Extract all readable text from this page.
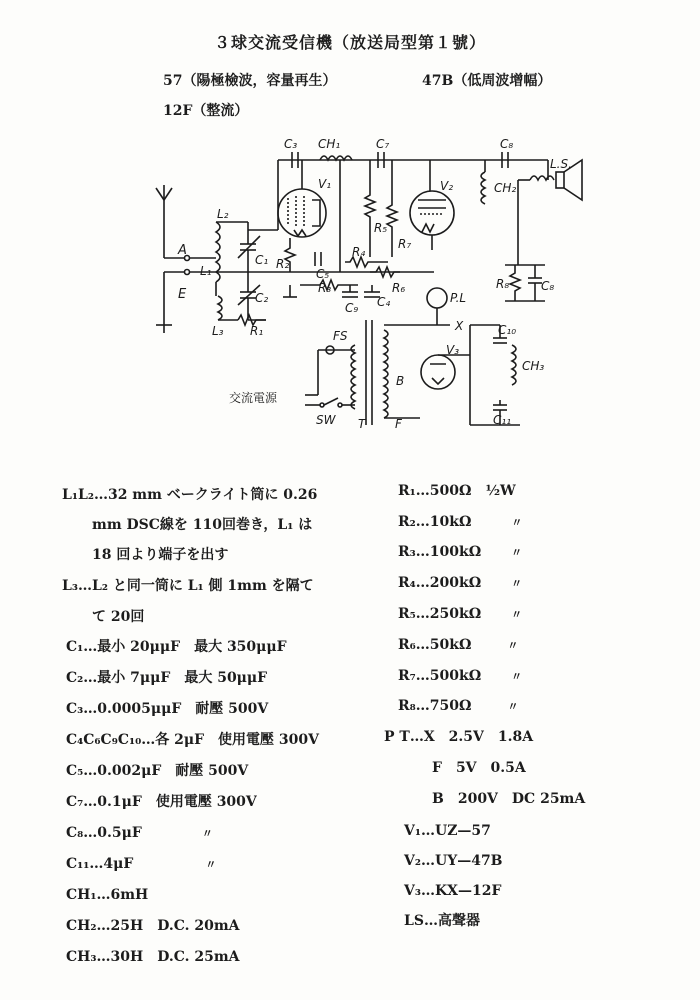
３球交流受信機（放送局型第１號）
57（陽極檢波，容量再生）	47B（低周波增幅）
12F（整流）
A
E
L₂
L₁
L₃ R₁
C₁
C₂
C₃ CH₁	C₇
V₁
R₂
C₅
R₃
R₄
R₅
R₇
R₆
C₉ C₄
V₂
C₈
CH₂
L.S.
R₈	C₈
P.L
X
FS
交流電源
SW T F
B
V₃
C₁₀
CH₃
C₁₁
L₁L₂…32 mm ベークライト筒に 0.26
mm DSC線を 110回巻き，L₁ は
18 回より端子を出す
L₃…L₂ と同一筒に L₁ 側 1mm を隔て
て 20回
C₁…最小 20μμF　最大 350μμF
C₂…最小 7μμF　最大 50μμF
C₃…0.0005μμF　耐壓 500V
C₄C₆C₉C₁₀…各 2μF　使用電壓 300V
C₅…0.002μF　耐壓 500V
C₇…0.1μF　使用電壓 300V
C₈…0.5μF	〃
C₁₁…4μF	〃
CH₁…6mH
CH₂…25H　D.C. 20mA
CH₃…30H　D.C. 25mA
R₁…500Ω　½W
R₂…10kΩ	〃
R₃…100kΩ	〃
R₄…200kΩ	〃
R₅…250kΩ	〃
R₆…50kΩ	〃
R₇…500kΩ	〃
R₈…750Ω	〃
P T…X　2.5V　1.8A
F　5V　0.5A
B　200V　DC 25mA
V₁…UZ—57
V₂…UY—47B
V₃…KX—12F
LS…高聲器
